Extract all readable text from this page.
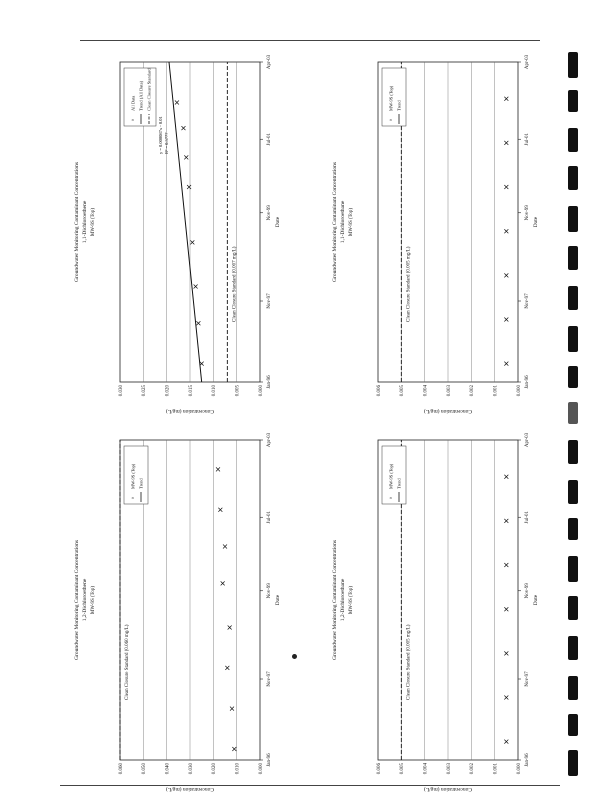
Groundwater Monitoring Contaminant Concentrations 1,1-Dichloroethene MW-9S (Top)
0.000
0.005
0.010
0.015
0.020
0.025
0.030
Jan-96
Nov-97
Nov-99
Jul-01
Apr-03
Date
Concentration (mg/L)
Clean Closure Standard (0.007 mg/L)
y = 0.000087x - 0.01 R² = 0.5777
×
All Data Trend (All Data) Clean Closure Standard
Groundwater Monitoring Contaminant Concentrations 1,2-Dichloroethene MW-9S (Top)
0.000
0.010
0.020
0.030
0.040
0.050
0.060
Jan-96
Nov-97
Nov-99
Jul-01
Apr-03
Date
Concentration (mg/L)
Clean Closure Standard (0.060 mg/L)
×
MW-9S (Top) Trend
Groundwater Monitoring Contaminant Concentrations 1,1-Dichloroethane MW-9S (Top)
0.000
0.001
0.002
0.003
0.004
0.005
0.006
Jan-96
Nov-97
Nov-99
Jul-01
Apr-03
Date
Concentration (mg/L)
Clean Closure Standard (0.005 mg/L)
×
MW-9S (Top) Trend
Groundwater Monitoring Contaminant Concentrations 1,2-Dichloroethane MW-9S (Top)
0.000
0.001
0.002
0.003
0.004
0.005
0.006
Jan-96
Nov-97
Nov-99
Jul-01
Apr-03
Date
Concentration (mg/L)
Clean Closure Standard (0.005 mg/L)
×
MW-9S (Top) Trend
